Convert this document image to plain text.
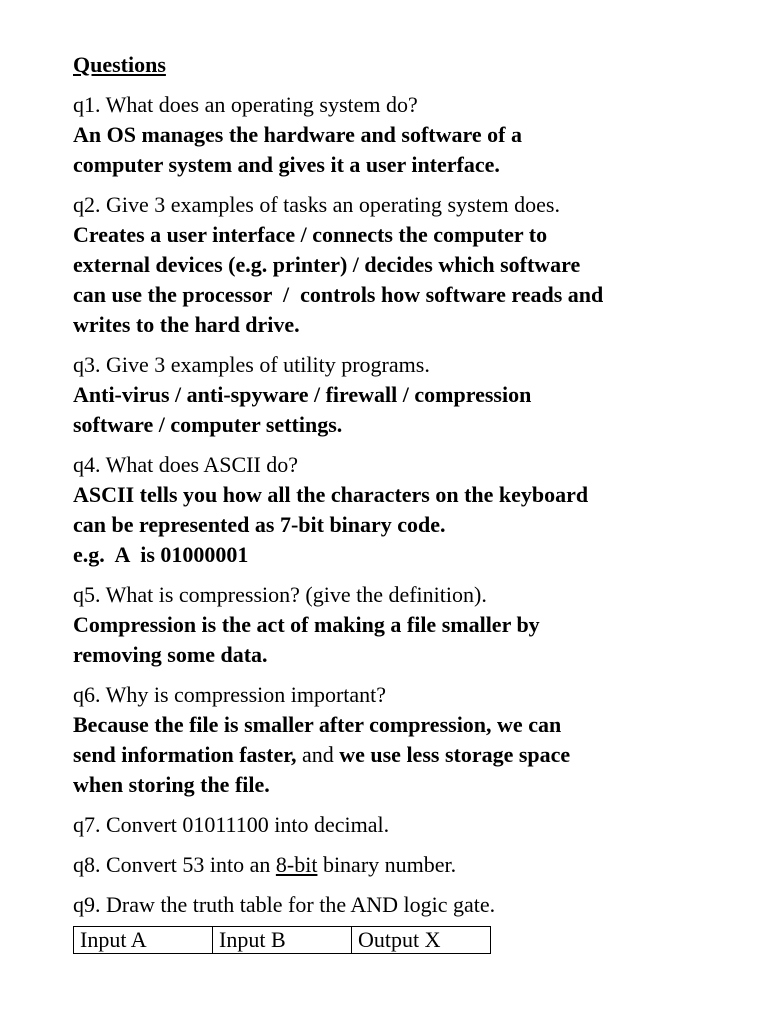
Questions

q1. What does an operating system do?

An OS manages the hardware and software of a

computer system and gives it a user interface.

q2. Give 3 examples of tasks an operating system does.

Creates a user interface / connects the computer to

external devices (e.g. printer) / decides which software

can use the processor  /  controls how software reads and

writes to the hard drive.

q3. Give 3 examples of utility programs.

Anti-virus / anti-spyware / firewall / compression

software / computer settings.

q4. What does ASCII do?

ASCII tells you how all the characters on the keyboard

can be represented as 7-bit binary code.

e.g.  A  is 01000001

q5. What is compression? (give the definition).

Compression is the act of making a file smaller by

removing some data.

q6. Why is compression important?

Because the file is smaller after compression, we can

send information faster, and we use less storage space

when storing the file.

q7. Convert 01011100 into decimal.

q8. Convert 53 into an 8-bit binary number.

q9. Draw the truth table for the AND logic gate.

Input A	Input B	Output X
